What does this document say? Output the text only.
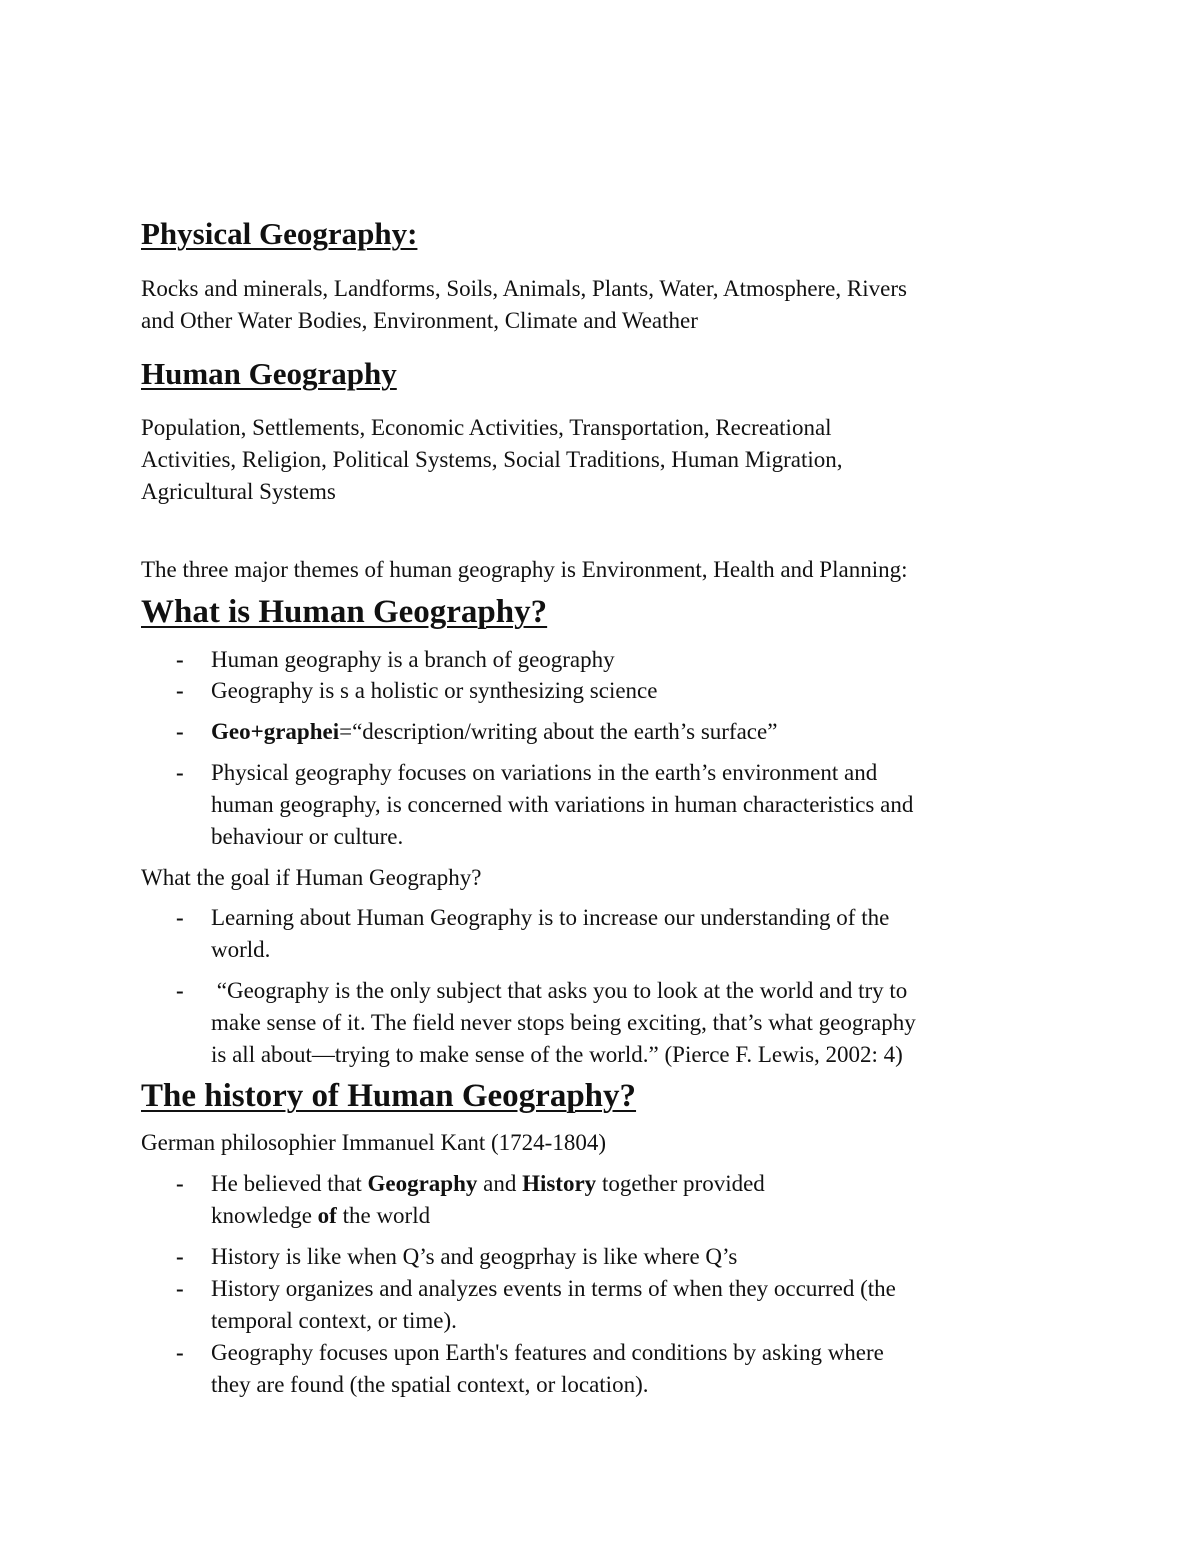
Physical Geography:

Rocks and minerals, Landforms, Soils, Animals, Plants, Water, Atmosphere, Rivers

and Other Water Bodies, Environment, Climate and Weather

Human Geography

Population, Settlements, Economic Activities, Transportation, Recreational

Activities, Religion, Political Systems, Social Traditions, Human Migration,

Agricultural Systems

The three major themes of human geography is Environment, Health and Planning:

What is Human Geography?
- Human geography is a branch of geography
- Geography is s a holistic or synthesizing science
- Geo+graphei=“description/writing about the earth’s surface”
- Physical geography focuses on variations in the earth’s environment and
human geography, is concerned with variations in human characteristics and
behaviour or culture.

What the goal if Human Geography?

- Learning about Human Geography is to increase our understanding of the
world.
- “Geography is the only subject that asks you to look at the world and try to
make sense of it. The field never stops being exciting, that’s what geography
is all about—trying to make sense of the world.” (Pierce F. Lewis, 2002: 4)
The history of Human Geography?

German philosophier Immanuel Kant (1724-1804)

- He believed that Geography and History together provided
knowledge of the world
- History is like when Q’s and geogprhay is like where Q’s
- History organizes and analyzes events in terms of when they occurred (the
temporal context, or time).
- Geography focuses upon Earth's features and conditions by asking where
they are found (the spatial context, or location).
